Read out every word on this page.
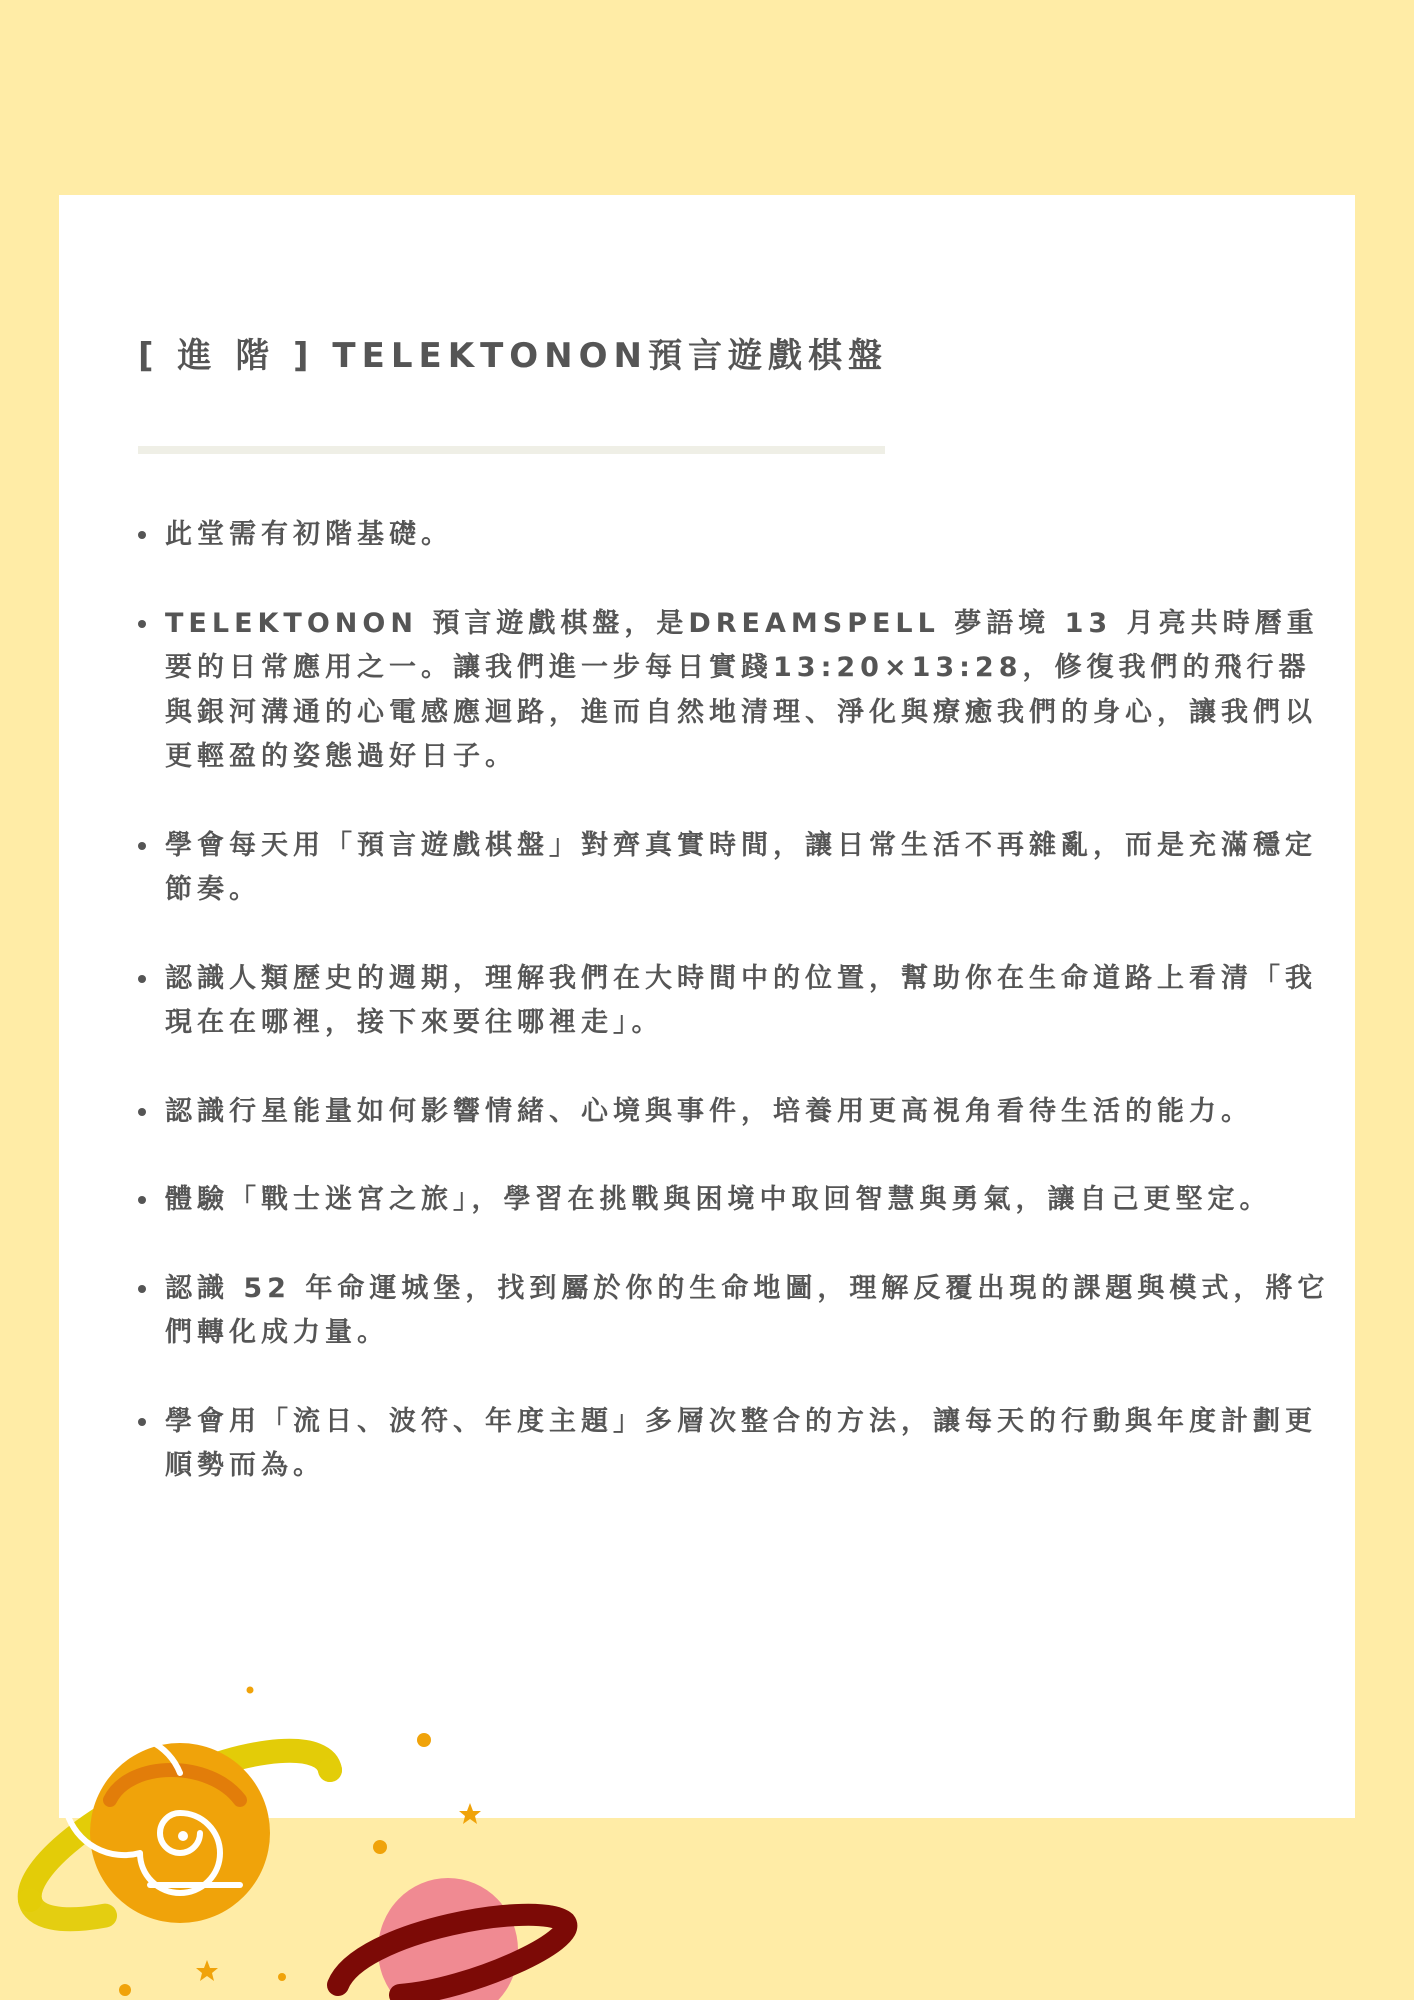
[ 進 階 ] TELEKTONON預言遊戲棋盤
此堂需有初階基礎。
TELEKTONON 預言遊戲棋盤，是DREAMSPELL 夢語境 13 月亮共時曆重要的日常應用之一。讓我們進一步每日實踐13:20×13:28，修復我們的飛行器與銀河溝通的心電感應迴路，進而自然地清理、淨化與療癒我們的身心，讓我們以更輕盈的姿態過好日子。
學會每天用「預言遊戲棋盤」對齊真實時間，讓日常生活不再雜亂，而是充滿穩定節奏。
認識人類歷史的週期，理解我們在大時間中的位置，幫助你在生命道路上看清「我現在在哪裡，接下來要往哪裡走」。
認識行星能量如何影響情緒、心境與事件，培養用更高視角看待生活的能力。
體驗「戰士迷宮之旅」，學習在挑戰與困境中取回智慧與勇氣，讓自己更堅定。
認識 52 年命運城堡，找到屬於你的生命地圖，理解反覆出現的課題與模式，將它們轉化成力量。
學會用「流日、波符、年度主題」多層次整合的方法，讓每天的行動與年度計劃更順勢而為。
